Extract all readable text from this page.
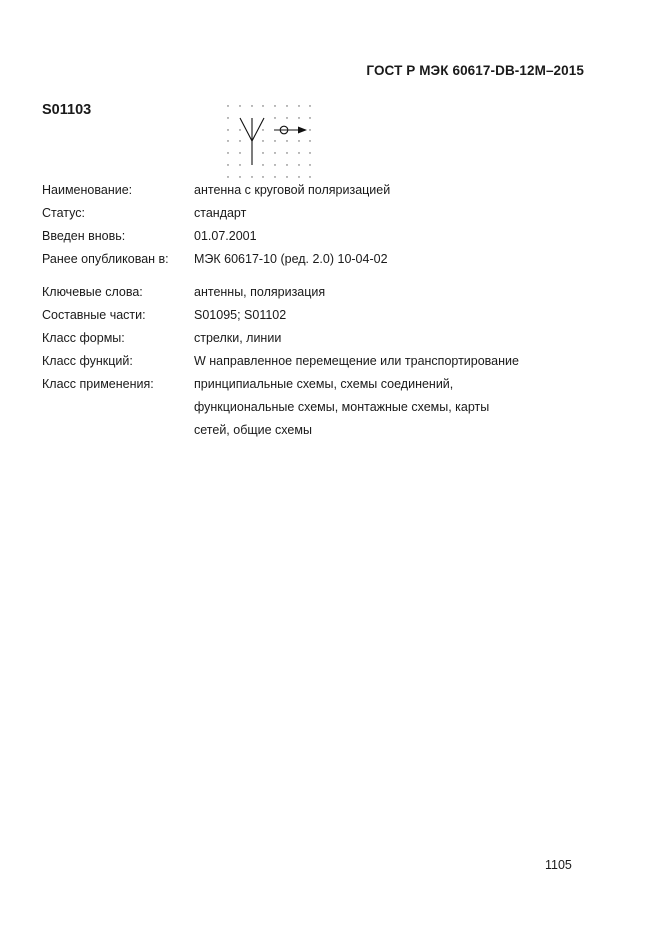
ГОСТ Р МЭК 60617-DB-12M–2015
S01103
Наименование:	антенна с круговой поляризацией
Статус:	стандарт
Введен вновь:	01.07.2001
Ранее опубликован в:	МЭК 60617-10 (ред. 2.0) 10-04-02
Ключевые слова:	антенны, поляризация
Составные части:	S01095; S01102
Класс формы:	стрелки, линии
Класс функций:	W направленное перемещение или транспортирование
Класс применения:	принципиальные схемы, схемы соединений,
функциональные схемы, монтажные схемы, карты
сетей, общие схемы
1105
